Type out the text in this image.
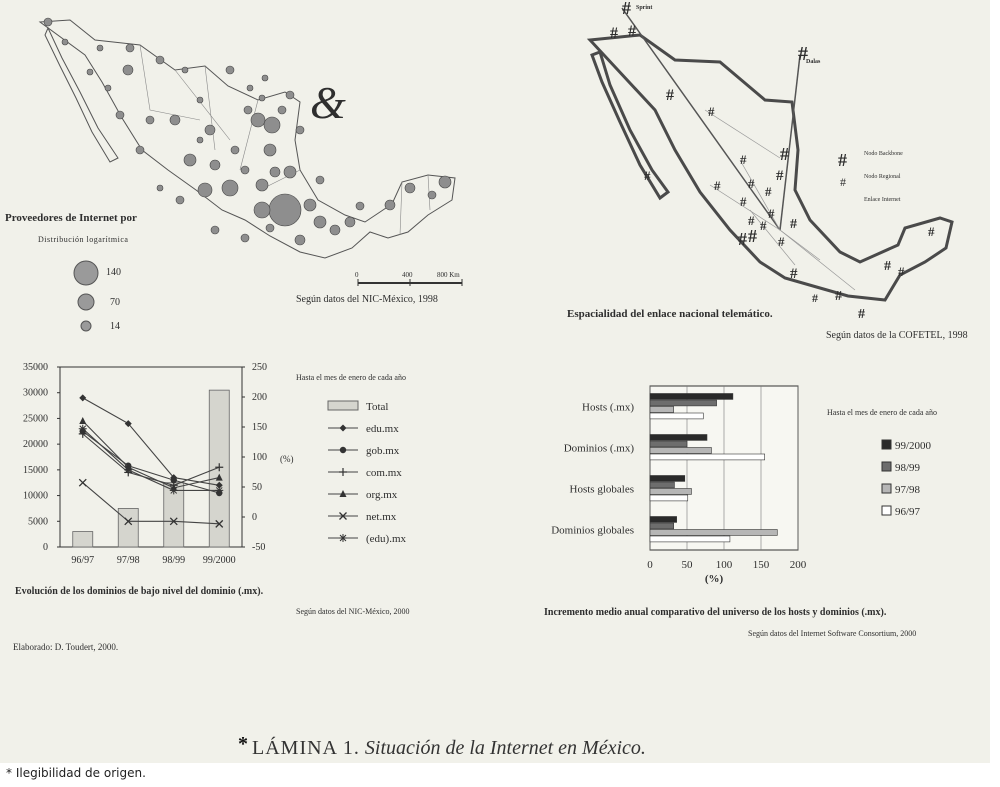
&
0	400	800 Km
Proveedores de Internet por
Distribución logarítmica
140
70
14
Según datos del NIC-México, 1998
#
# #
#
#
#
# #
#
#
#
#
#
#
#
#
#
#
#
#
#
#
#
#
#
#
# #
Sprint
Dalas
#
#
Nodo Backbone
Nodo Regional
Enlace Internet
Espacialidad del enlace nacional telemático.
Según datos de la COFETEL, 1998
35000
30000
25000
20000
15000
10000
5000
0
250
200
150
100
50
0
-50
(%)
96/97 97/98 98/99 99/2000
Hasta el mes de enero de cada año
Total
edu.mx
gob.mx
com.mx
org.mx
net.mx
(edu).mx
Evolución de los dominios de bajo nivel del dominio (.mx).
Según datos del NIC-México, 2000
Elaborado: D. Toudert, 2000.
0	50 100 150 200
(%)
Hosts (.mx)
Dominios (.mx)
Hosts globales
Dominios globales
Hasta el mes de enero de cada año
99/2000
98/99
97/98
96/97
Incremento medio anual comparativo del universo de los hosts y dominios (.mx).
Según datos del Internet Software Consortium, 2000
* LÁMINA 1. Situación de la Internet en México.
* Ilegibilidad de origen.
